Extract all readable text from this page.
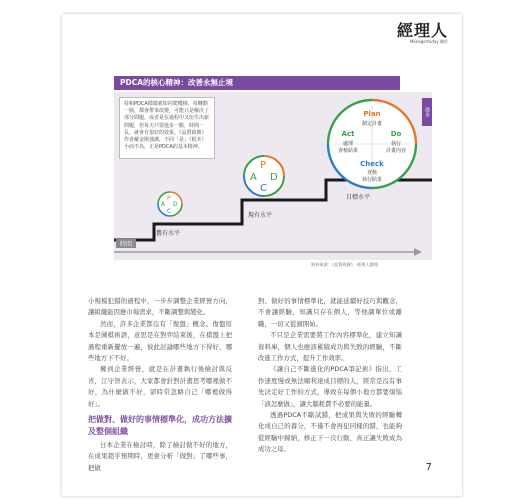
經理人
Managertoday 關於
PDCA的核心精神：改善永無止境
P
D
C
A
P
D
C
A
Plan
制定計畫
Act
處理
查核結果
Do
執行
計畫內容
Check
查核
執行結果
持和PDCA循環就如同爬樓梯，每轉動一圈，都會帶來改變，可能只是解決了部分問題，或者是在過程中又衍生出新問題，但每天只要進步一點，時間一長，就會有很好的效果。《品質致勝》作者戴金斯強調，不同「是」《根本》小而不為，正是PDCA的基本精神。
舊有水平
現有水平
目標水平
進步
時間
資料來源：《品質致勝》、經理人整理

小規模犯錯的過程中，一步步調整企業經營方向，讓組織能因應市場需求，不斷調整與變化。

然而，許多企業都沒有「復盤」概念。復盤原本是圍棋術語，意思是在對弈結束後，在棋盤上把過程重新擺放一遍，彼此討論哪些地方下得好、哪些地方下不好。

擁到企業經營，就是在計畫執行後檢討與反省，江守智表示，大家都會針對計畫思考哪裡做不好，為什麼做不好，卻時常忽略自己「哪裡做得好」。

把做對、做好的事情標準化，成功方法擴及整個組織

日本企業在檢討時，除了檢討做不好的地方，在成果超乎預期時，更會分析「做對」了哪些事，把做

對、做好的事情標準化，就能延續好技巧與觀念，不會讓經驗、知識只存在個人，等他調單位或離職，一切又從頭開始。

不只是企業需要將工作內容標準化，建立知識資料庫，個人也應該累積成功與失敗的經驗，不斷改進工作方式，提升工作效率。

《讓自己不斷進化的PDCA筆記術》指出，工作速度慢或無法順利達成目標的人，經常是沒有事先決定好工作的方式，導致在每個小地方都要煩惱「該怎麼做」，讓大腦耗費不必要的能量。

透過PDCA不斷試錯，把成果與失敗的經驗轉化成自己的養分，不僅不會再犯同樣的錯，也能夠從經驗中歸納，修正下一次行動，真正讓失敗成為成功之母。

7
